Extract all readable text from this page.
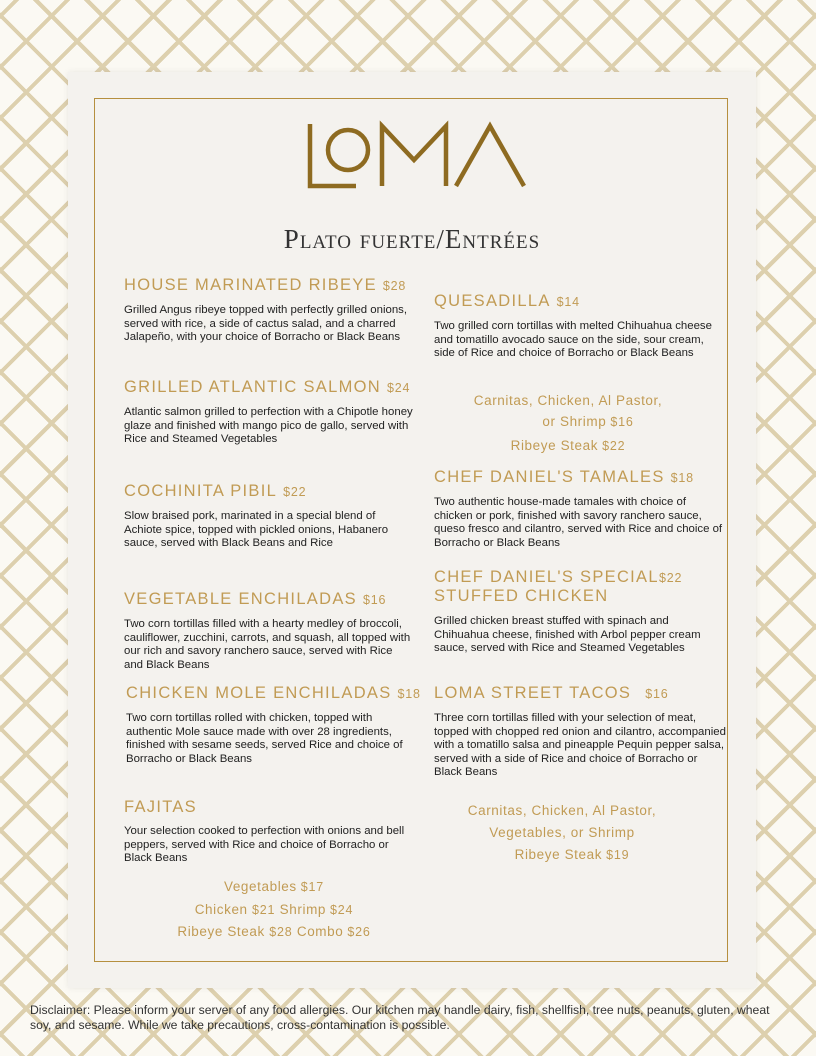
Plato fuerte/Entrées
HOUSE MARINATED RIBEYE $28
Grilled Angus ribeye topped with perfectly grilled onions, served with rice, a side of cactus salad, and a charred Jalapeño, with your choice of Borracho or Black Beans
GRILLED ATLANTIC SALMON $24
Atlantic salmon grilled to perfection with a Chipotle honey glaze and finished with mango pico de gallo, served with Rice and Steamed Vegetables
COCHINITA PIBIL $22
Slow braised pork, marinated in a special blend of Achiote spice, topped with pickled onions, Habanero sauce, served with Black Beans and Rice
VEGETABLE ENCHILADAS $16
Two corn tortillas filled with a hearty medley of broccoli, cauliflower, zucchini, carrots, and squash, all topped with our rich and savory ranchero sauce, served with Rice and Black Beans
CHICKEN MOLE ENCHILADAS $18
Two corn tortillas rolled with chicken, topped with authentic Mole sauce made with over 28 ingredients, finished with sesame seeds, served Rice and choice of Borracho or Black Beans
FAJITAS
Your selection cooked to perfection with onions and bell peppers, served with Rice and choice of Borracho or Black Beans
Vegetables $17
Chicken $21 Shrimp $24
Ribeye Steak $28 Combo $26
QUESADILLA $14
Two grilled corn tortillas with melted Chihuahua cheese and tomatillo avocado sauce on the side, sour cream, side of Rice and choice of Borracho or Black Beans
Carnitas, Chicken, Al Pastor,
or Shrimp $16
Ribeye Steak $22
CHEF DANIEL'S TAMALES $18
Two authentic house-made tamales with choice of chicken or pork, finished with savory ranchero sauce, queso fresco and cilantro, served with Rice and choice of Borracho or Black Beans
CHEF DANIEL'S SPECIAL STUFFED CHICKEN
$22
Grilled chicken breast stuffed with spinach and Chihuahua cheese, finished with Arbol pepper cream sauce, served with Rice and Steamed Vegetables
LOMA STREET TACOS $16
Three corn tortillas filled with your selection of meat, topped with chopped red onion and cilantro, accompanied with a tomatillo salsa and pineapple Pequin pepper salsa, served with a side of Rice and choice of Borracho or Black Beans
Carnitas, Chicken, Al Pastor,
Vegetables, or Shrimp
Ribeye Steak $19
Disclaimer: Please inform your server of any food allergies. Our kitchen may handle dairy, fish, shellfish, tree nuts, peanuts, gluten, wheat soy, and sesame. While we take precautions, cross-contamination is possible.
